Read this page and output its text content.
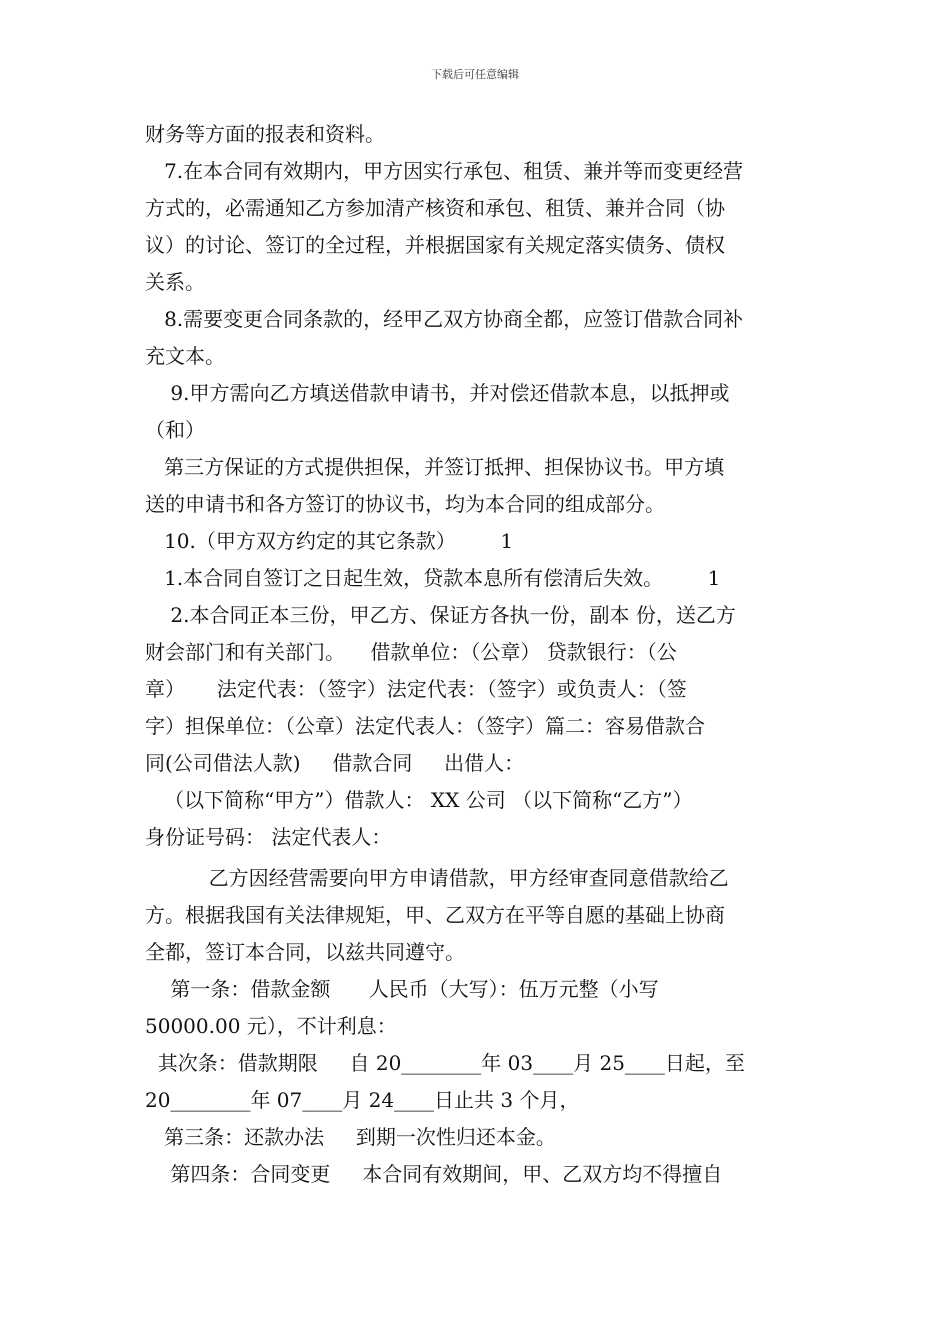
下载后可任意编辑
财务等方面的报表和资料。
7.在本合同有效期内，甲方因实行承包、租赁、兼并等而变更经营
方式的，必需通知乙方参加清产核资和承包、租赁、兼并合同（协
议）的讨论、签订的全过程，并根据国家有关规定落实债务、债权
关系。
8.需要变更合同条款的，经甲乙双方协商全都，应签订借款合同补
充文本。
9.甲方需向乙方填送借款申请书，并对偿还借款本息，以抵押或
（和）
第三方保证的方式提供担保，并签订抵押、担保协议书。甲方填
送的申请书和各方签订的协议书，均为本合同的组成部分。
10.（甲方双方约定的其它条款）       1
1.本合同自签订之日起生效，贷款本息所有偿清后失效。       1
2.本合同正本三份，甲乙方、保证方各执一份，副本 份，送乙方
财会部门和有关部门。    借款单位：（公章） 贷款银行：（公
章）     法定代表：（签字）法定代表：（签字）或负责人：（签
字）担保单位：（公章）法定代表人：（签字）篇二：容易借款合
同(公司借法人款)     借款合同     出借人：
（以下简称“甲方”）借款人： XX 公司 （以下简称“乙方”）
身份证号码： 法定代表人：
乙方因经营需要向甲方申请借款，甲方经审查同意借款给乙
方。根据我国有关法律规矩，甲、乙双方在平等自愿的基础上协商
全都，签订本合同，以兹共同遵守。
第一条：借款金额      人民币（大写）：伍万元整（小写
50000.00 元），不计利息：
其次条：借款期限     自 20________年 03____月 25____日起，至
20________年 07____月 24____日止共 3 个月，
第三条：还款办法     到期一次性归还本金。
第四条：合同变更     本合同有效期间，甲、乙双方均不得擅自
